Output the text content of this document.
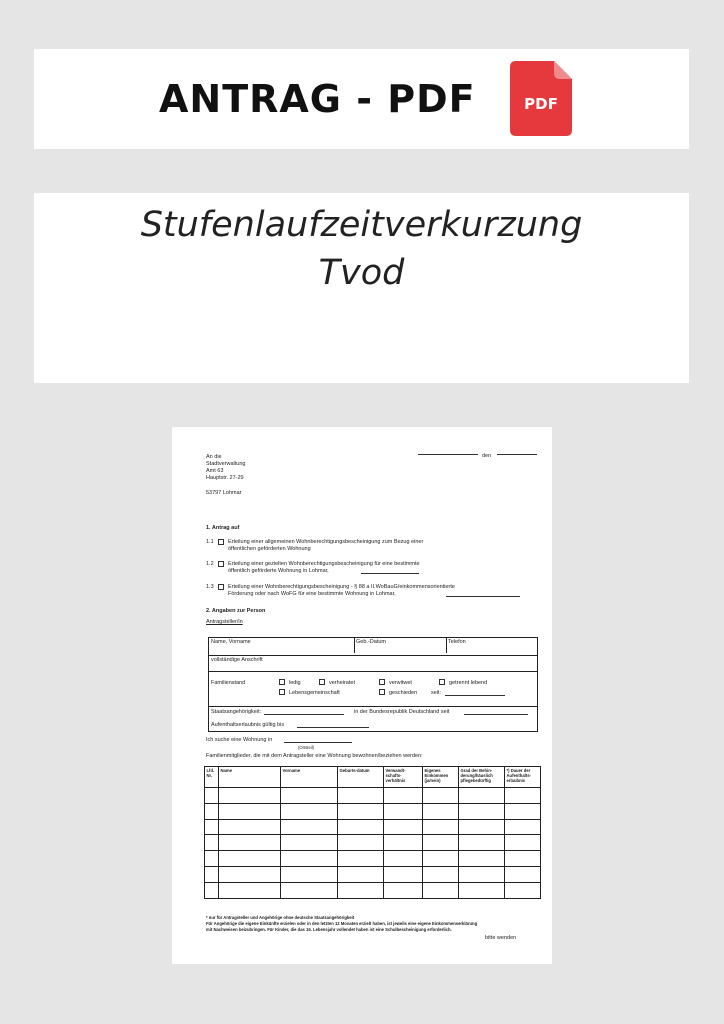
ANTRAG - PDF	PDF
Stufenlaufzeitverkurzung
Tvod
An die
Stadtverwaltung
Amt 63
Hauptstr. 27-29
53797 Lohmar
den
1. Antrag auf
1.1	Erteilung einer allgemeinen Wohnberechtigungsbescheinigung zum Bezug einer
öffentlichen geförderten Wohnung
1.2	Erteilung einer gezielten Wohnberechtigungsbescheinigung für eine bestimmte
öffentlich geförderte Wohnung in Lohmar,
1.3	Erteilung einer Wohnberechtigungsbescheinigung - § 88 a II.WoBauG/einkommensorientierte
Förderung oder nach WoFG für eine bestimmte Wohnung in Lohmar,
2. Angaben zur Person
Antragsteller/in
Name, Vorname	Geb.-Datum	Telefon
vollständige Anschrift
Familienstand	ledig	verheiratet	verwitwet	getrennt lebend
Lebensgemeinschaft	geschieden	seit:
Staatsangehörigkeit:	in der Bundesrepublik Deutschland seit
Aufenthaltserlaubnis gültig bis
Ich suche eine Wohnung in
(Ortsteil)
Familienmitglieder, die mit dem Antragsteller eine Wohnung bewohnen/beziehen werden:
Lfd. Nr.	Name	Vorname	Geburts-datum	Verwandt-schafts-verhältnis	Eigenes Einkommen (ja/nein)	Grad der Behin-derung/häuslich pflegebedürftig	*) Dauer der Aufenthalts-erlaubnis

* nur für Antragsteller und Angehörige ohne deutsche Staatsangehörigkeit
Für Angehörige die eigene Einkünfte erzielen oder in den letzten 12 Monaten erzielt haben, ist jeweils eine eigene Einkommenserklärung
mit Nachweisen beizubringen. Für Kinder, die das 16. Lebensjahr vollendet haben ist eine Schulbescheinigung erforderlich.
bitte wenden
